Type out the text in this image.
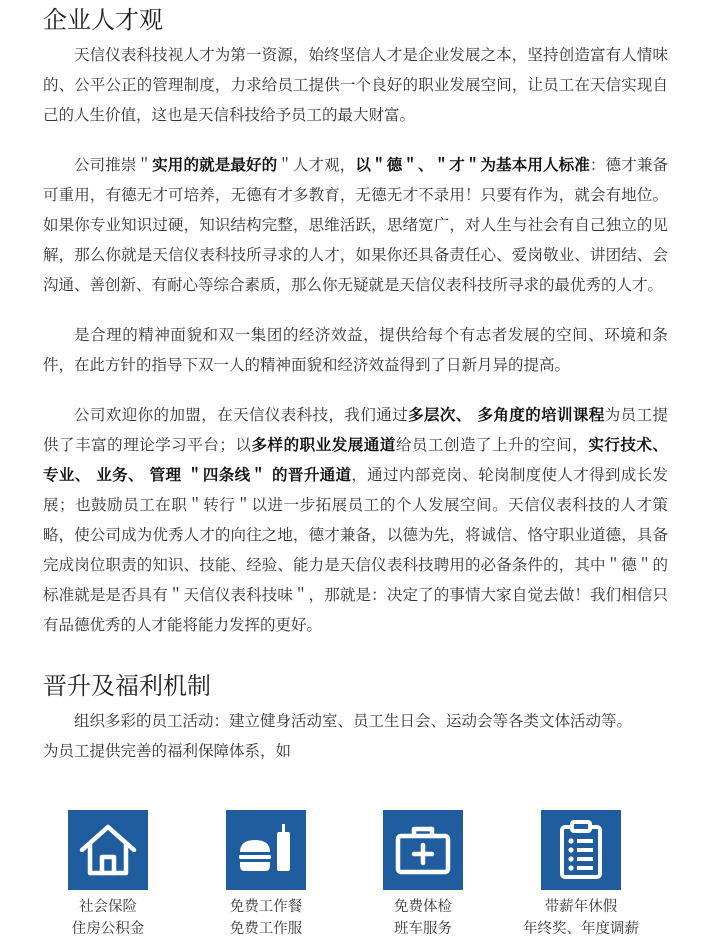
企业人才观

天信仪表科技视人才为第一资源，始终坚信人才是企业发展之本，坚持创造富有人情味的、公平公正的管理制度，力求给员工提供一个良好的职业发展空间，让员工在天信实现自己的人生价值，这也是天信科技给予员工的最大财富。

公司推崇＂实用的就是最好的＂人才观，以＂德＂、＂才＂为基本用人标准：德才兼备可重用，有德无才可培养，无德有才多教育，无德无才不录用！只要有作为，就会有地位。如果你专业知识过硬，知识结构完整，思维活跃，思绪宽广，对人生与社会有自己独立的见解，那么你就是天信仪表科技所寻求的人才，如果你还具备责任心、爱岗敬业、讲团结、会沟通、善创新、有耐心等综合素质，那么你无疑就是天信仪表科技所寻求的最优秀的人才。

是合理的精神面貌和双一集团的经济效益，提供给每个有志者发展的空间、环境和条件，在此方针的指导下双一人的精神面貌和经济效益得到了日新月异的提高。

公司欢迎你的加盟，在天信仪表科技，我们通过多层次、 多角度的培训课程为员工提供了丰富的理论学习平台；以多样的职业发展通道给员工创造了上升的空间，实行技术、 专业、 业务、 管理 ＂四条线＂ 的晋升通道，通过内部竞岗、轮岗制度使人才得到成长发展；也鼓励员工在职＂转行＂以进一步拓展员工的个人发展空间。天信仪表科技的人才策略，使公司成为优秀人才的向往之地，德才兼备，以德为先，将诚信、恪守职业道德，具备完成岗位职责的知识、技能、经验、能力是天信仪表科技聘用的必备条件的，其中＂德＂的标准就是是否具有＂天信仪表科技味＂，那就是：决定了的事情大家自觉去做！我们相信只有品德优秀的人才能将能力发挥的更好。

晋升及福利机制

组织多彩的员工活动：建立健身活动室、员工生日会、运动会等各类文体活动等。

为员工提供完善的福利保障体系，如

社会保险
住房公积金
免费工作餐
免费工作服
免费体检
班车服务
带薪年休假
年终奖、年度调薪
